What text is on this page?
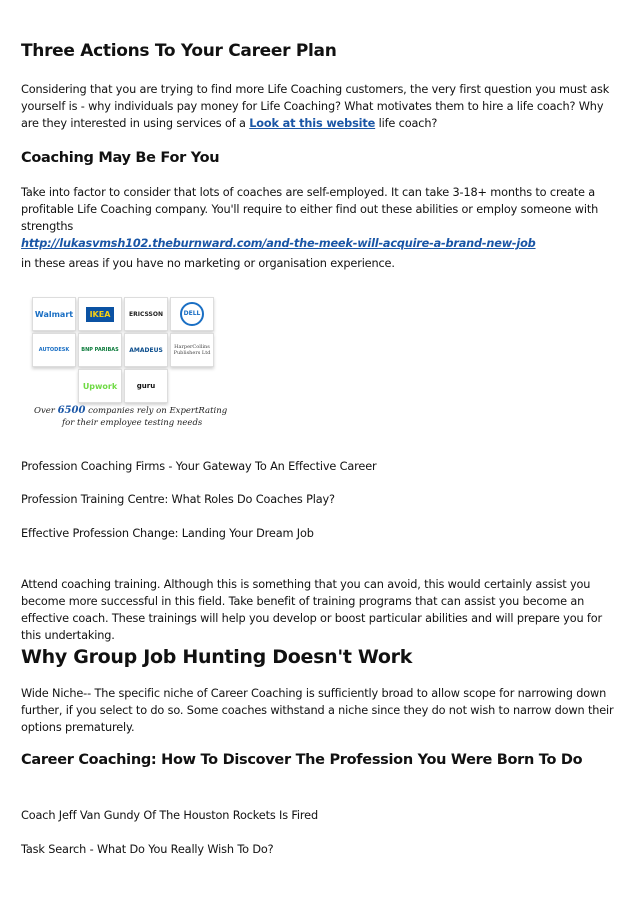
Three Actions To Your Career Plan
Considering that you are trying to find more Life Coaching customers, the very first question you must ask yourself is - why individuals pay money for Life Coaching? What motivates them to hire a life coach? Why are they interested in using services of a Look at this website life coach?
Coaching May Be For You
Take into factor to consider that lots of coaches are self-employed. It can take 3-18+ months to create a profitable Life Coaching company. You'll require to either find out these abilities or employ someone with strengths
http://lukasvmsh102.theburnward.com/and-the-meek-will-acquire-a-brand-new-job
in these areas if you have no marketing or organisation experience.
Walmart	IKEA	ERICSSON	DELL
AUTODESK BNP PARIBAS AMADEUS	HarperCollins Publishers Ltd
Upwork	guru
Over 6500 companies rely on ExpertRating
for their employee testing needs
Profession Coaching Firms - Your Gateway To An Effective Career
Profession Training Centre: What Roles Do Coaches Play?
Effective Profession Change: Landing Your Dream Job
Attend coaching training. Although this is something that you can avoid, this would certainly assist you become more successful in this field. Take benefit of training programs that can assist you become an effective coach. These trainings will help you develop or boost particular abilities and will prepare you for this undertaking.
Why Group Job Hunting Doesn't Work
Wide Niche-- The specific niche of Career Coaching is sufficiently broad to allow scope for narrowing down further, if you select to do so. Some coaches withstand a niche since they do not wish to narrow down their options prematurely.
Career Coaching: How To Discover The Profession You Were Born To Do
Coach Jeff Van Gundy Of The Houston Rockets Is Fired
Task Search - What Do You Really Wish To Do?
